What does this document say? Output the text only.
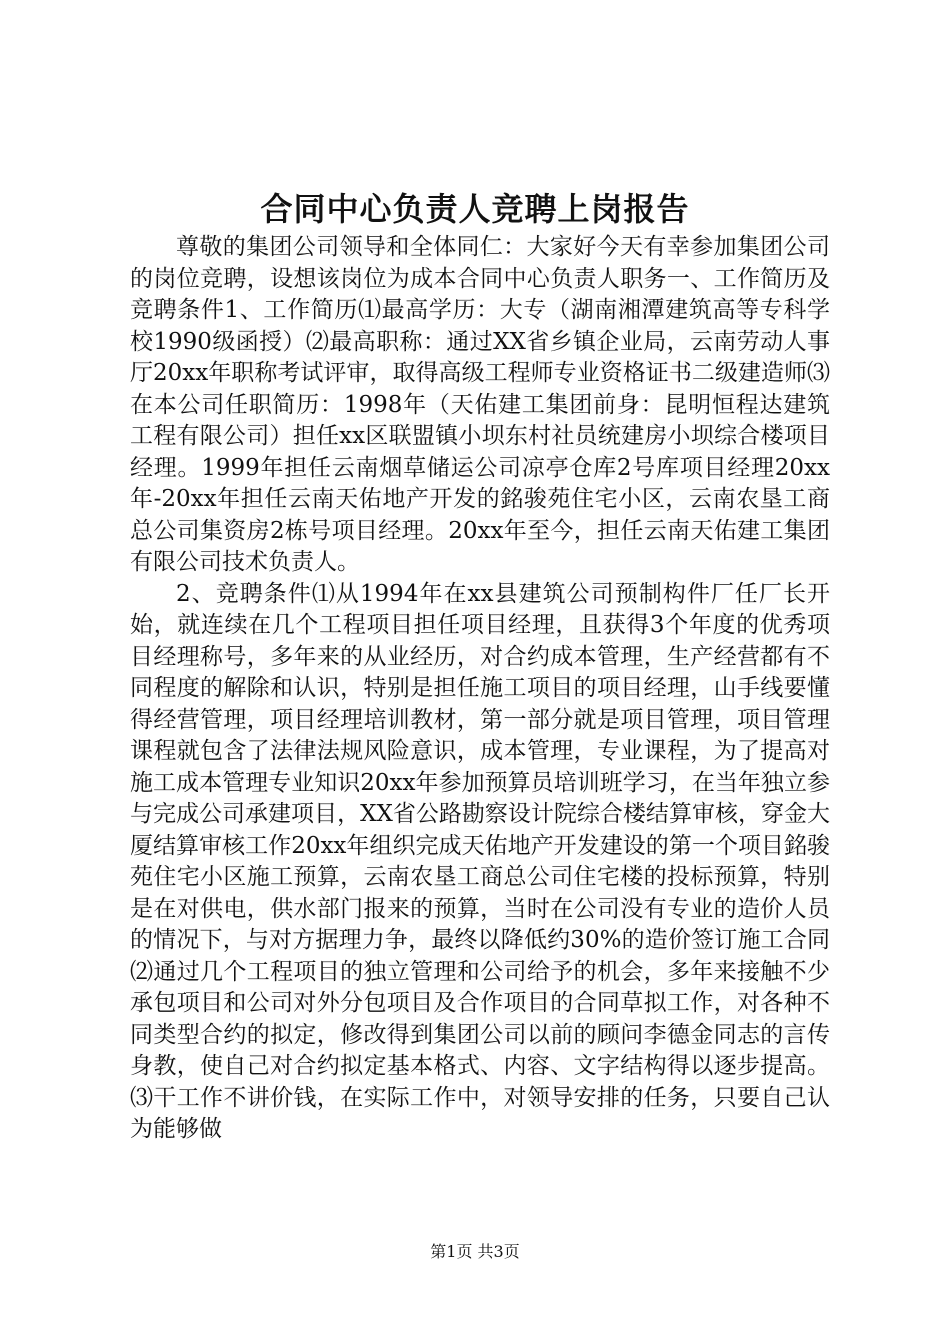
合同中心负责人竞聘上岗报告

尊敬的集团公司领导和全体同仁：大家好今天有幸参加集团公司的岗位竞聘，设想该岗位为成本合同中心负责人职务一、工作简历及竞聘条件1、工作简历⑴最高学历：大专（湖南湘潭建筑高等专科学校1990级函授）⑵最高职称：通过XX省乡镇企业局，云南劳动人事厅20xx年职称考试评审，取得高级工程师专业资格证书二级建造师⑶在本公司任职简历：1998年（天佑建工集团前身：昆明恒程达建筑工程有限公司）担任xx区联盟镇小坝东村社员统建房小坝综合楼项目经理。1999年担任云南烟草储运公司凉亭仓库2号库项目经理20xx年-20xx年担任云南天佑地产开发的銘骏苑住宅小区，云南农垦工商总公司集资房2栋号项目经理。20xx年至今，担任云南天佑建工集团有限公司技术负责人。

2、竞聘条件⑴从1994年在xx县建筑公司预制构件厂任厂长开始，就连续在几个工程项目担任项目经理，且获得3个年度的优秀项目经理称号，多年来的从业经历，对合约成本管理，生产经营都有不同程度的解除和认识，特别是担任施工项目的项目经理，山手线要懂得经营管理，项目经理培训教材，第一部分就是项目管理，项目管理课程就包含了法律法规风险意识，成本管理，专业课程，为了提高对施工成本管理专业知识20xx年参加预算员培训班学习，在当年独立参与完成公司承建项目，XX省公路勘察设计院综合楼结算审核，穿金大厦结算审核工作20xx年组织完成天佑地产开发建设的第一个项目銘骏苑住宅小区施工预算，云南农垦工商总公司住宅楼的投标预算，特别是在对供电，供水部门报来的预算，当时在公司没有专业的造价人员的情况下，与对方据理力争，最终以降低约30%的造价签订施工合同⑵通过几个工程项目的独立管理和公司给予的机会，多年来接触不少承包项目和公司对外分包项目及合作项目的合同草拟工作，对各种不同类型合约的拟定，修改得到集团公司以前的顾问李德金同志的言传身教，使自己对合约拟定基本格式、内容、文字结构得以逐步提高。⑶干工作不讲价钱，在实际工作中，对领导安排的任务，只要自己认为能够做

第1页 共3页
